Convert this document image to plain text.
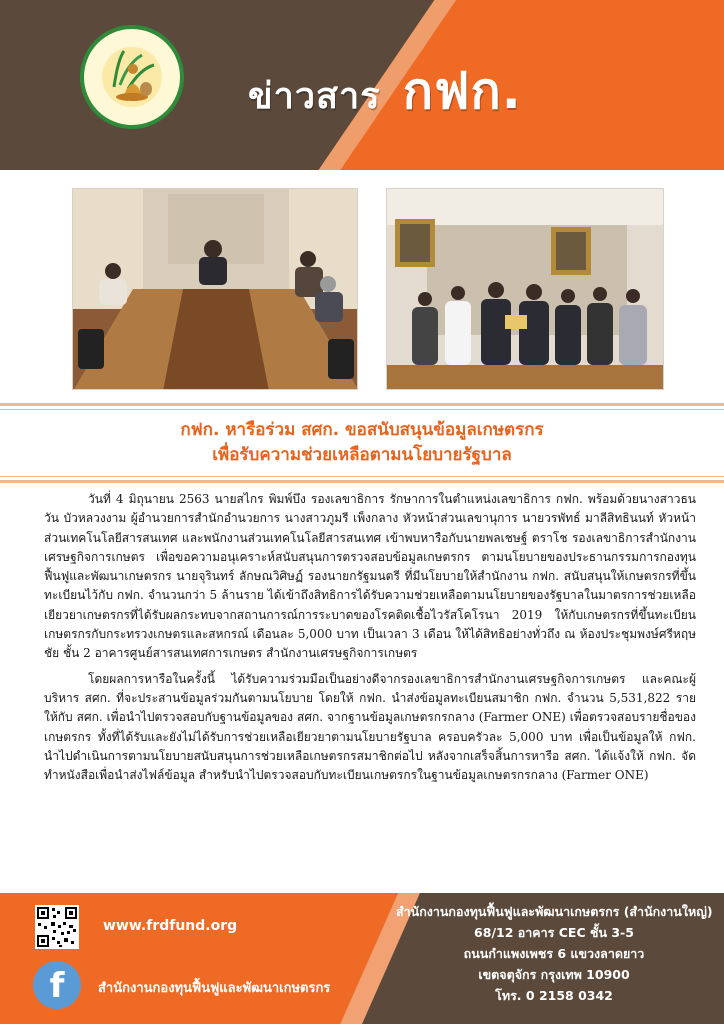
ข่าวสาร กฟก.
กฟก. หารือร่วม สศก. ขอสนับสนุนข้อมูลเกษตรกร
เพื่อรับความช่วยเหลือตามนโยบายรัฐบาล

วันที่ 4 มิถุนายน 2563 นายสไกร พิมพ์บึง รองเลขาธิการ รักษาการในตำแหน่งเลขาธิการ กฟก. พร้อมด้วยนางสาวธนวัน บัวหลวงงาม ผู้อำนวยการสำนักอำนวยการ นางสาวภูมรี เพ็งกลาง หัวหน้าส่วนเลขานุการ นายวรพัทธ์ มาลีสิทธินนท์ หัวหน้าส่วนเทคโนโลยีสารสนเทศ และพนักงานส่วนเทคโนโลยีสารสนเทศ เข้าพบหารือกับนายพลเชษฐ์ ตราโช รองเลขาธิการสำนักงานเศรษฐกิจการเกษตร เพื่อขอความอนุเคราะห์สนับสนุนการตรวจสอบข้อมูลเกษตรกร ตามนโยบายของประธานกรรมการกองทุนฟื้นฟูและพัฒนาเกษตรกร นายจุรินทร์ ลักษณวิศิษฏ์ รองนายกรัฐมนตรี ที่มีนโยบายให้สำนักงาน กฟก. สนับสนุนให้เกษตรกรที่ขึ้นทะเบียนไว้กับ กฟก. จำนวนกว่า 5 ล้านราย ได้เข้าถึงสิทธิการได้รับความช่วยเหลือตามนโยบายของรัฐบาลในมาตรการช่วยเหลือเยียวยาเกษตรกรที่ได้รับผลกระทบจากสถานการณ์การระบาดของโรคติดเชื้อไวรัสโคโรนา 2019 ให้กับเกษตรกรที่ขึ้นทะเบียนเกษตรกรกับกระทรวงเกษตรและสหกรณ์ เดือนละ 5,000 บาท เป็นเวลา 3 เดือน ให้ได้สิทธิอย่างทั่วถึง ณ ห้องประชุมพงษ์ศรีหฤษชัย ชั้น 2 อาคารศูนย์สารสนเทศการเกษตร สำนักงานเศรษฐกิจการเกษตร

โดยผลการหารือในครั้งนี้ ได้รับความร่วมมือเป็นอย่างดีจากรองเลขาธิการสำนักงานเศรษฐกิจการเกษตร และคณะผู้บริหาร สศก. ที่จะประสานข้อมูลร่วมกันตามนโยบาย โดยให้ กฟก. นำส่งข้อมูลทะเบียนสมาชิก กฟก. จำนวน 5,531,822 ราย ให้กับ สศก. เพื่อนำไปตรวจสอบกับฐานข้อมูลของ สศก. จากฐานข้อมูลเกษตรกรกลาง (Farmer ONE) เพื่อตรวจสอบรายชื่อของเกษตรกร ทั้งที่ได้รับและยังไม่ได้รับการช่วยเหลือเยียวยาตามนโยบายรัฐบาล ครอบครัวละ 5,000 บาท เพื่อเป็นข้อมูลให้ กฟก. นำไปดำเนินการตามนโยบายสนับสนุนการช่วยเหลือเกษตรกรสมาชิกต่อไป หลังจากเสร็จสิ้นการหารือ สศก. ได้แจ้งให้ กฟก. จัดทำหนังสือเพื่อนำส่งไฟล์ข้อมูล สำหรับนำไปตรวจสอบกับทะเบียนเกษตรกรในฐานข้อมูลเกษตรกรกลาง (Farmer ONE)

www.frdfund.org
f	สำนักงานกองทุนฟื้นฟูและพัฒนาเกษตรกร
สำนักงานกองทุนฟื้นฟูและพัฒนาเกษตรกร (สำนักงานใหญ่)
68/12 อาคาร CEC ชั้น 3-5
ถนนกำแพงเพชร 6 แขวงลาดยาว
เขตจตุจักร กรุงเทพ 10900
โทร. 0 2158 0342
